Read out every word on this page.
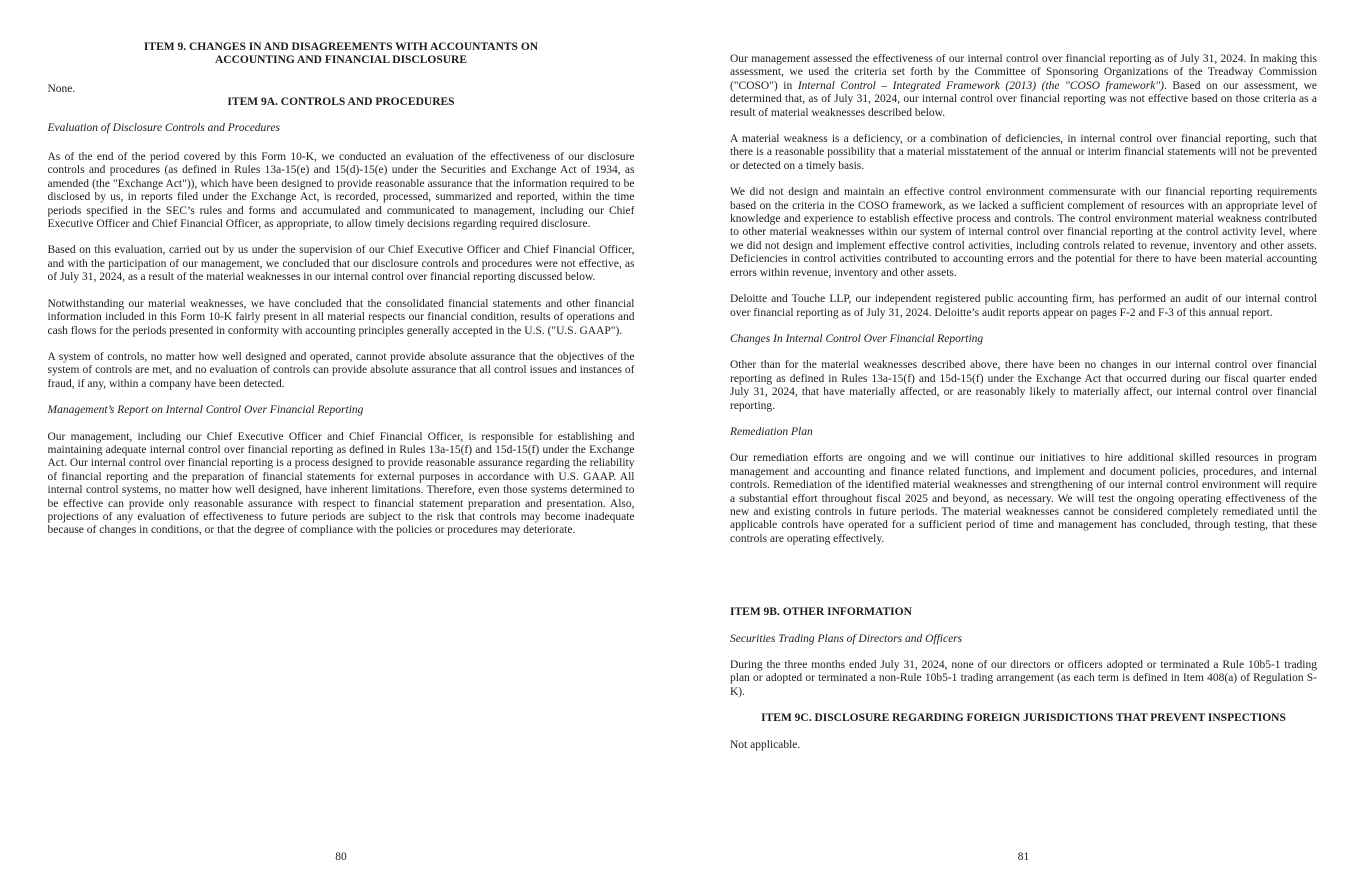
ITEM 9. CHANGES IN AND DISAGREEMENTS WITH ACCOUNTANTS ON
ACCOUNTING AND FINANCIAL DISCLOSURE

None.

ITEM 9A. CONTROLS AND PROCEDURES
Evaluation of Disclosure Controls and Procedures

As of the end of the period covered by this Form 10-K, we conducted an evaluation of the effectiveness of our disclosure controls and procedures (as defined in Rules 13a-15(e) and 15(d)-15(e) under the Securities and Exchange Act of 1934, as amended (the "Exchange Act")), which have been designed to provide reasonable assurance that the information required to be disclosed by us, in reports filed under the Exchange Act, is recorded, processed, summarized and reported, within the time periods specified in the SEC’s rules and forms and accumulated and communicated to management, including our Chief Executive Officer and Chief Financial Officer, as appropriate, to allow timely decisions regarding required disclosure.

Based on this evaluation, carried out by us under the supervision of our Chief Executive Officer and Chief Financial Officer, and with the participation of our management, we concluded that our disclosure controls and procedures were not effective, as of July 31, 2024, as a result of the material weaknesses in our internal control over financial reporting discussed below.

Notwithstanding our material weaknesses, we have concluded that the consolidated financial statements and other financial information included in this Form 10-K fairly present in all material respects our financial condition, results of operations and cash flows for the periods presented in conformity with accounting principles generally accepted in the U.S. ("U.S. GAAP").

A system of controls, no matter how well designed and operated, cannot provide absolute assurance that the objectives of the system of controls are met, and no evaluation of controls can provide absolute assurance that all control issues and instances of fraud, if any, within a company have been detected.

Management’s Report on Internal Control Over Financial Reporting

Our management, including our Chief Executive Officer and Chief Financial Officer, is responsible for establishing and maintaining adequate internal control over financial reporting as defined in Rules 13a-15(f) and 15d-15(f) under the Exchange Act. Our internal control over financial reporting is a process designed to provide reasonable assurance regarding the reliability of financial reporting and the preparation of financial statements for external purposes in accordance with U.S. GAAP. All internal control systems, no matter how well designed, have inherent limitations. Therefore, even those systems determined to be effective can provide only reasonable assurance with respect to financial statement preparation and presentation. Also, projections of any evaluation of effectiveness to future periods are subject to the risk that controls may become inadequate because of changes in conditions, or that the degree of compliance with the policies or procedures may deteriorate.

80

Our management assessed the effectiveness of our internal control over financial reporting as of July 31, 2024. In making this assessment, we used the criteria set forth by the Committee of Sponsoring Organizations of the Treadway Commission ("COSO") in Internal Control – Integrated Framework (2013) (the "COSO framework"). Based on our assessment, we determined that, as of July 31, 2024, our internal control over financial reporting was not effective based on those criteria as a result of material weaknesses described below.

A material weakness is a deficiency, or a combination of deficiencies, in internal control over financial reporting, such that there is a reasonable possibility that a material misstatement of the annual or interim financial statements will not be prevented or detected on a timely basis.

We did not design and maintain an effective control environment commensurate with our financial reporting requirements based on the criteria in the COSO framework, as we lacked a sufficient complement of resources with an appropriate level of knowledge and experience to establish effective process and controls. The control environment material weakness contributed to other material weaknesses within our system of internal control over financial reporting at the control activity level, where we did not design and implement effective control activities, including controls related to revenue, inventory and other assets. Deficiencies in control activities contributed to accounting errors and the potential for there to have been material accounting errors within revenue, inventory and other assets.

Deloitte and Touche LLP, our independent registered public accounting firm, has performed an audit of our internal control over financial reporting as of July 31, 2024. Deloitte’s audit reports appear on pages F-2 and F-3 of this annual report.

Changes In Internal Control Over Financial Reporting

Other than for the material weaknesses described above, there have been no changes in our internal control over financial reporting as defined in Rules 13a-15(f) and 15d-15(f) under the Exchange Act that occurred during our fiscal quarter ended July 31, 2024, that have materially affected, or are reasonably likely to materially affect, our internal control over financial reporting.

Remediation Plan

Our remediation efforts are ongoing and we will continue our initiatives to hire additional skilled resources in program management and accounting and finance related functions, and implement and document policies, procedures, and internal controls. Remediation of the identified material weaknesses and strengthening of our internal control environment will require a substantial effort throughout fiscal 2025 and beyond, as necessary. We will test the ongoing operating effectiveness of the new and existing controls in future periods. The material weaknesses cannot be considered completely remediated until the applicable controls have operated for a sufficient period of time and management has concluded, through testing, that these controls are operating effectively.

ITEM 9B. OTHER INFORMATION
Securities Trading Plans of Directors and Officers

During the three months ended July 31, 2024, none of our directors or officers adopted or terminated a Rule 10b5-1 trading plan or adopted or terminated a non-Rule 10b5-1 trading arrangement (as each term is defined in Item 408(a) of Regulation S-K).

ITEM 9C. DISCLOSURE REGARDING FOREIGN JURISDICTIONS THAT PREVENT INSPECTIONS

Not applicable.

81
